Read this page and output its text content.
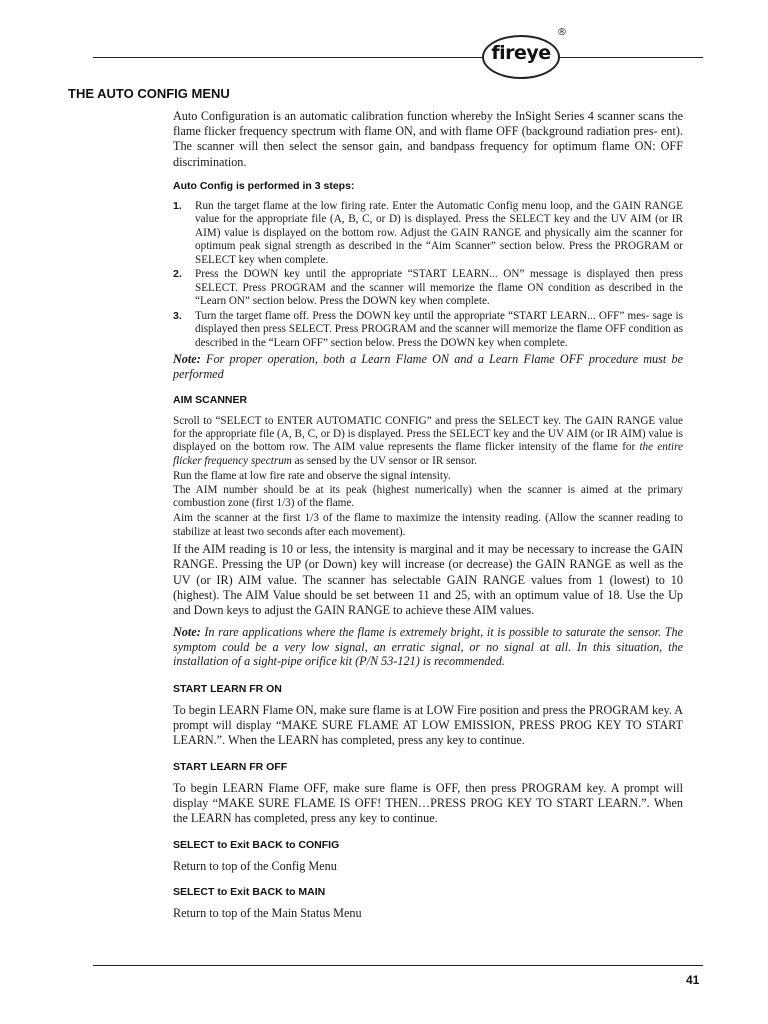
fireye
®
THE AUTO CONFIG MENU

Auto Configuration is an automatic calibration function whereby the InSight Series 4 scanner scans the flame flicker frequency spectrum with flame ON, and with flame OFF (background radiation pres- ent). The scanner will then select the sensor gain, and bandpass frequency for optimum flame ON: OFF discrimination.

Auto Config is performed in 3 steps:

1. Run the target flame at the low firing rate. Enter the Automatic Config menu loop, and the GAIN RANGE value for the appropriate file (A, B, C, or D) is displayed. Press the SELECT key and the UV AIM (or IR AIM) value is displayed on the bottom row. Adjust the GAIN RANGE and physically aim the scanner for optimum peak signal strength as described in the “Aim Scanner” section below. Press the PROGRAM or SELECT key when complete.
2. Press the DOWN key until the appropriate “START LEARN... ON” message is displayed then press SELECT. Press PROGRAM and the scanner will memorize the flame ON condition as described in the “Learn ON” section below. Press the DOWN key when complete.
3. Turn the target flame off. Press the DOWN key until the appropriate “START LEARN... OFF” mes- sage is displayed then press SELECT. Press PROGRAM and the scanner will memorize the flame OFF condition as described in the “Learn OFF” section below. Press the DOWN key when complete.

Note: For proper operation, both a Learn Flame ON and a Learn Flame OFF procedure must be performed

AIM SCANNER

Scroll to “SELECT to ENTER AUTOMATIC CONFIG” and press the SELECT key. The GAIN RANGE value for the appropriate file (A, B, C, or D) is displayed. Press the SELECT key and the UV AIM (or IR AIM) value is displayed on the bottom row. The AIM value represents the flame flicker intensity of the flame for the entire flicker frequency spectrum as sensed by the UV sensor or IR sensor.

Run the flame at low fire rate and observe the signal intensity.

The AIM number should be at its peak (highest numerically) when the scanner is aimed at the primary combustion zone (first 1/3) of the flame.

Aim the scanner at the first 1/3 of the flame to maximize the intensity reading. (Allow the scanner reading to stabilize at least two seconds after each movement).

If the AIM reading is 10 or less, the intensity is marginal and it may be necessary to increase the GAIN RANGE. Pressing the UP (or Down) key will increase (or decrease) the GAIN RANGE as well as the UV (or IR) AIM value. The scanner has selectable GAIN RANGE values from 1 (lowest) to 10 (highest). The AIM Value should be set between 11 and 25, with an optimum value of 18. Use the Up and Down keys to adjust the GAIN RANGE to achieve these AIM values.

Note: In rare applications where the flame is extremely bright, it is possible to saturate the sensor. The symptom could be a very low signal, an erratic signal, or no signal at all. In this situation, the installation of a sight-pipe orifice kit (P/N 53-121) is recommended.

START LEARN FR ON

To begin LEARN Flame ON, make sure flame is at LOW Fire position and press the PROGRAM key. A prompt will display “MAKE SURE FLAME AT LOW EMISSION, PRESS PROG KEY TO START LEARN.”. When the LEARN has completed, press any key to continue.

START LEARN FR OFF

To begin LEARN Flame OFF, make sure flame is OFF, then press PROGRAM key. A prompt will display “MAKE SURE FLAME IS OFF! THEN…PRESS PROG KEY TO START LEARN.”. When the LEARN has completed, press any key to continue.

SELECT to Exit BACK to CONFIG

Return to top of the Config Menu

SELECT to Exit BACK to MAIN

Return to top of the Main Status Menu

41
